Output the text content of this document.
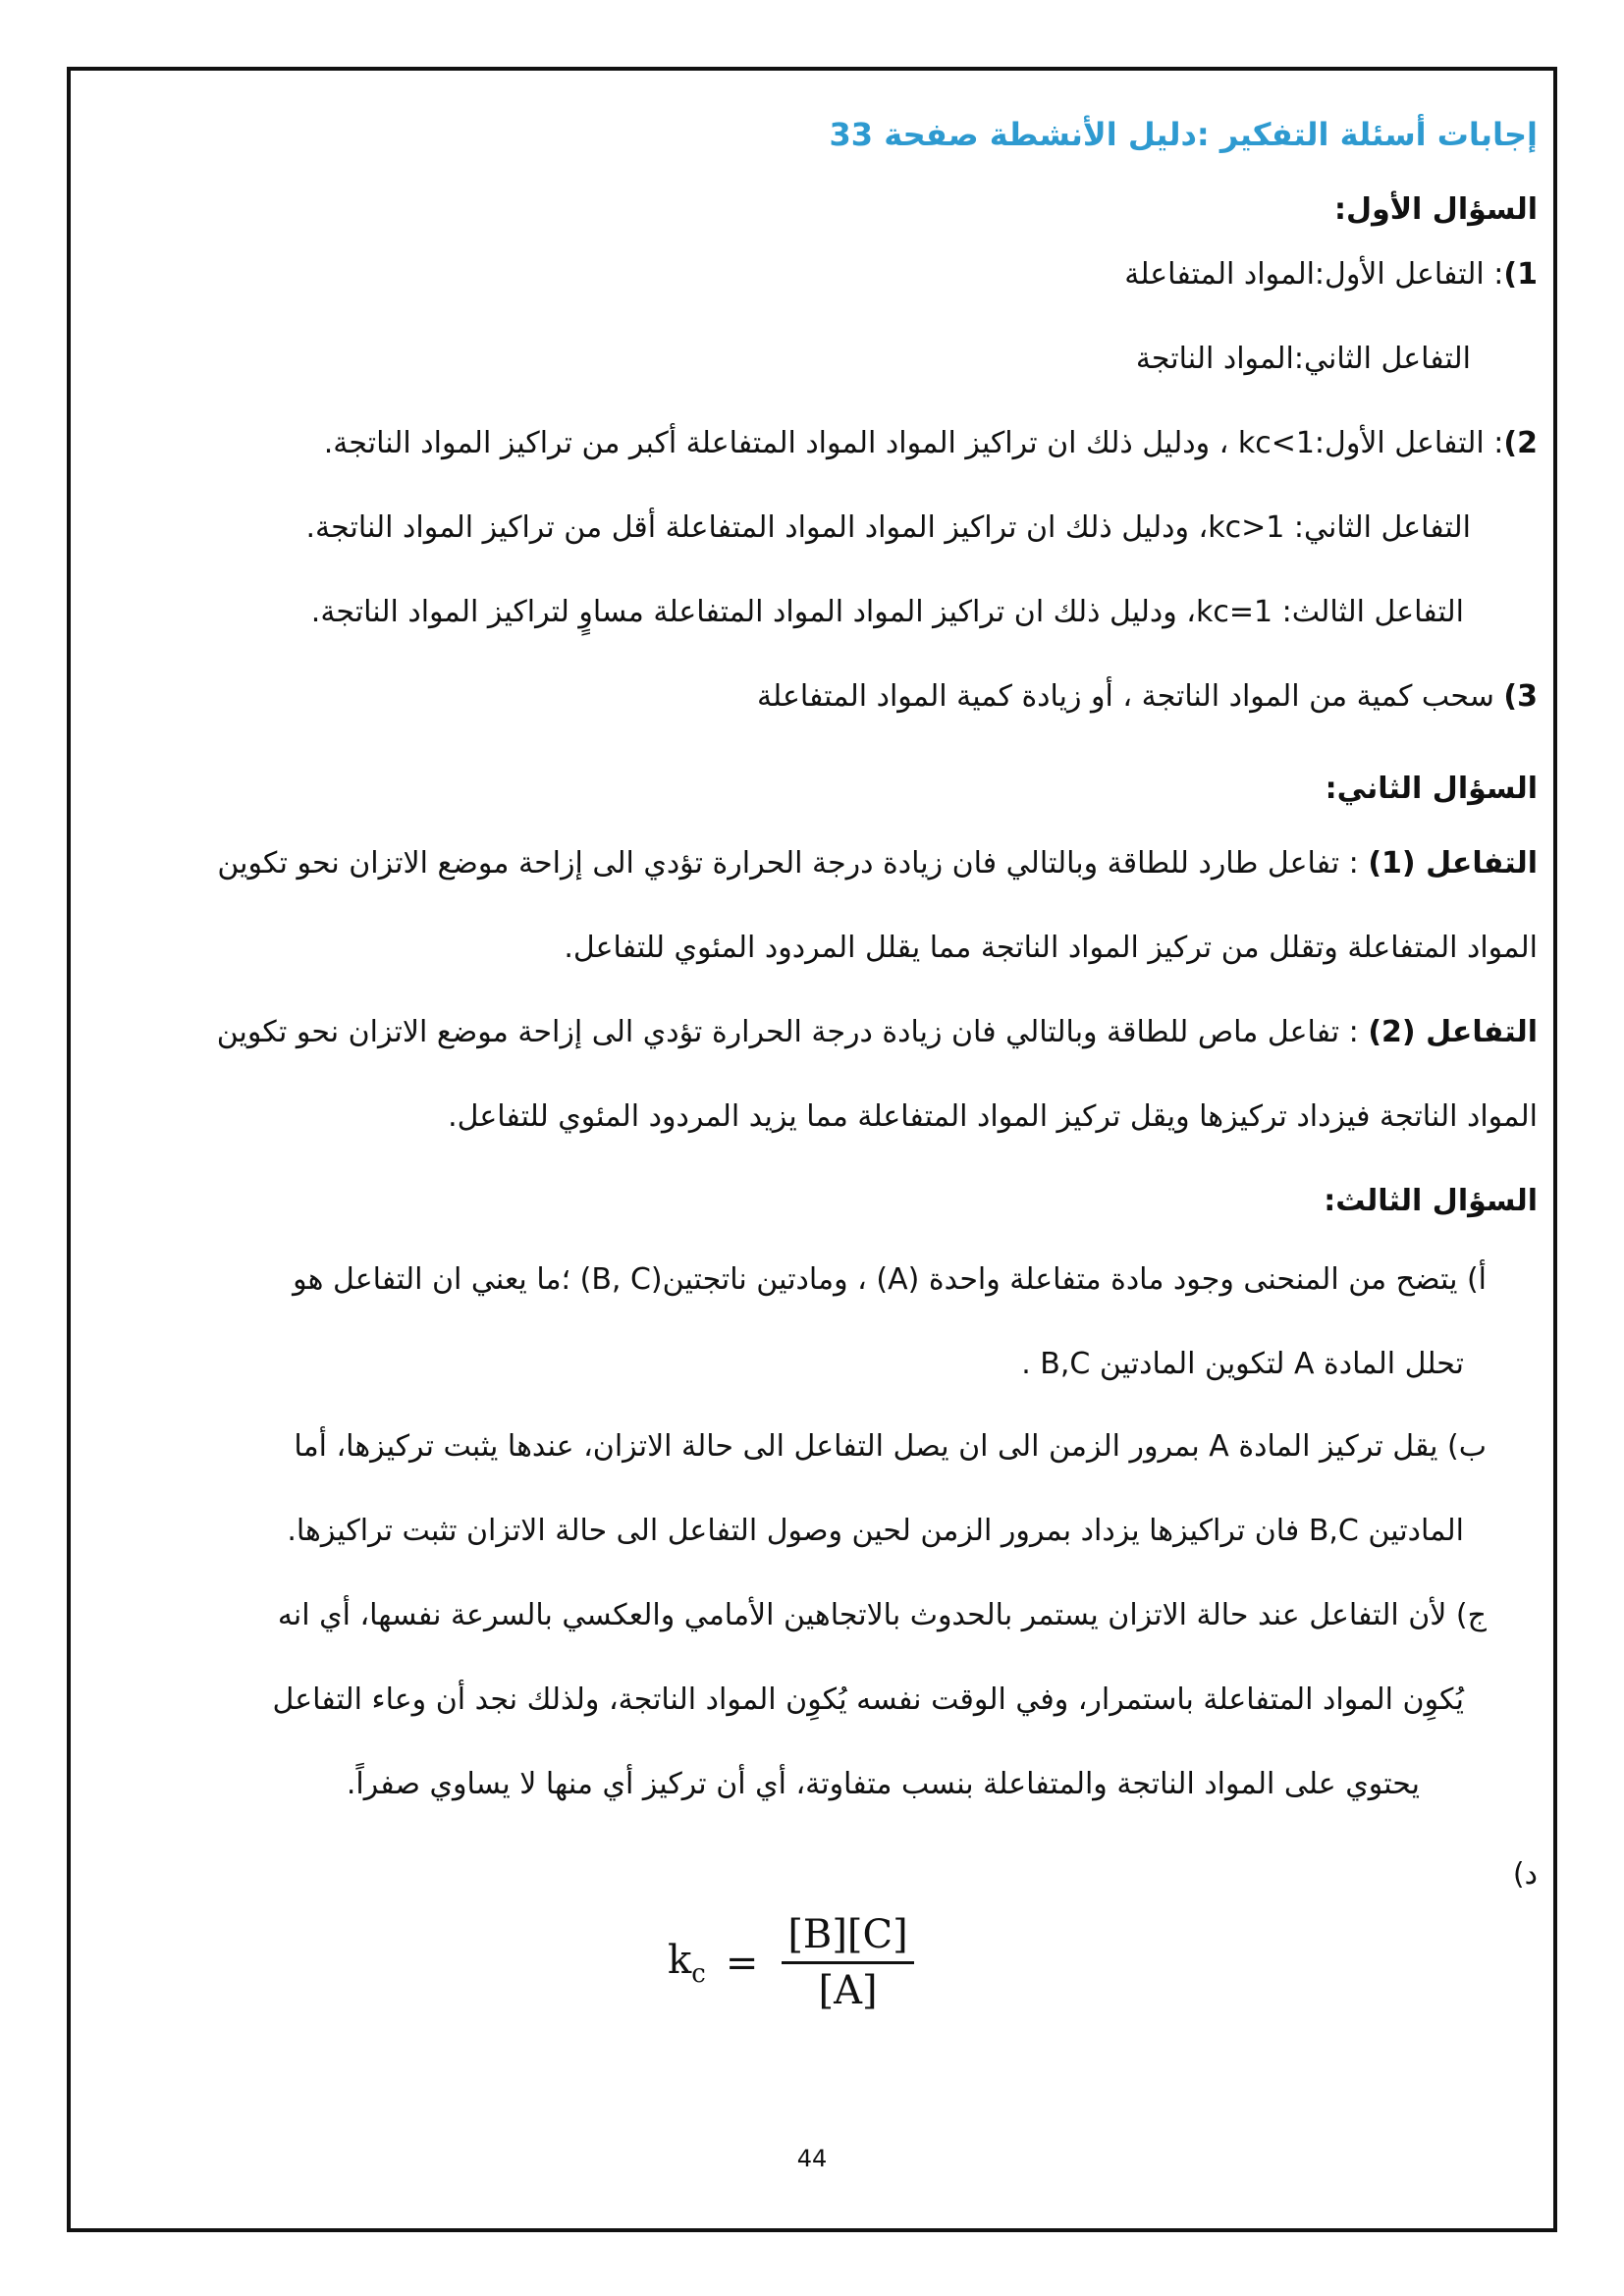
إجابات أسئلة التفكير :دليل الأنشطة صفحة 33
السؤال الأول:
1): التفاعل الأول:المواد المتفاعلة
التفاعل الثاني:المواد الناتجة
2): التفاعل الأول:kc<1 ، ودليل ذلك ان تراكيز المواد المواد المتفاعلة أكبر من تراكيز المواد الناتجة.
التفاعل الثاني: kc>1، ودليل ذلك ان تراكيز المواد المواد المتفاعلة أقل من تراكيز المواد الناتجة.
التفاعل الثالث: kc=1، ودليل ذلك ان تراكيز المواد المواد المتفاعلة مساوٍ لتراكيز المواد الناتجة.
3) سحب كمية من المواد الناتجة ، أو زيادة كمية المواد المتفاعلة
السؤال الثاني:
التفاعل (1) : تفاعل طارد للطاقة وبالتالي فان زيادة درجة الحرارة تؤدي الى إزاحة موضع الاتزان نحو تكوين
المواد المتفاعلة وتقلل من تركيز المواد الناتجة مما يقلل المردود المئوي للتفاعل.
التفاعل (2) : تفاعل ماص للطاقة وبالتالي فان زيادة درجة الحرارة تؤدي الى إزاحة موضع الاتزان نحو تكوين
المواد الناتجة فيزداد تركيزها ويقل تركيز المواد المتفاعلة مما يزيد المردود المئوي للتفاعل.
السؤال الثالث:
أ) يتضح من المنحنى وجود مادة متفاعلة واحدة (A) ، ومادتين ناتجتين(B, C) ؛ما يعني ان التفاعل هو
تحلل المادة A لتكوين المادتين B,C .
ب) يقل تركيز المادة A بمرور الزمن الى ان يصل التفاعل الى حالة الاتزان، عندها يثبت تركيزها، أما
المادتين B,C فان تراكيزها يزداد بمرور الزمن لحين وصول التفاعل الى حالة الاتزان تثبت تراكيزها.
ج) لأن التفاعل عند حالة الاتزان يستمر بالحدوث بالاتجاهين الأمامي والعكسي بالسرعة نفسها، أي انه
يُكوِن المواد المتفاعلة باستمرار، وفي الوقت نفسه يُكوِن المواد الناتجة، ولذلك نجد أن وعاء التفاعل
يحتوي على المواد الناتجة والمتفاعلة بنسب متفاوتة، أي أن تركيز أي منها لا يساوي صفراً.
د)
$k_c = \frac{[B][C]}{[A]}$
44
